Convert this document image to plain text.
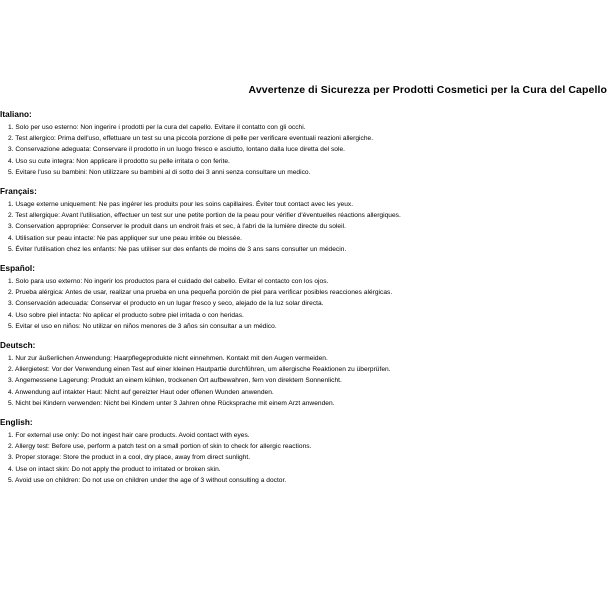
Avvertenze di Sicurezza per Prodotti Cosmetici per la Cura del Capello
Italiano:
1. Solo per uso esterno: Non ingerire i prodotti per la cura del capello. Evitare il contatto con gli occhi.
2. Test allergico: Prima dell'uso, effettuare un test su una piccola porzione di pelle per verificare eventuali reazioni allergiche.
3. Conservazione adeguata: Conservare il prodotto in un luogo fresco e asciutto, lontano dalla luce diretta del sole.
4. Uso su cute integra: Non applicare il prodotto su pelle irritata o con ferite.
5. Evitare l'uso su bambini: Non utilizzare su bambini al di sotto dei 3 anni senza consultare un medico.
Français:
1. Usage externe uniquement: Ne pas ingérer les produits pour les soins capillaires. Éviter tout contact avec les yeux.
2. Test allergique: Avant l'utilisation, effectuer un test sur une petite portion de la peau pour vérifier d'éventuelles réactions allergiques.
3. Conservation appropriée: Conserver le produit dans un endroit frais et sec, à l'abri de la lumière directe du soleil.
4. Utilisation sur peau intacte: Ne pas appliquer sur une peau irritée ou blessée.
5. Éviter l'utilisation chez les enfants: Ne pas utiliser sur des enfants de moins de 3 ans sans consulter un médecin.
Español:
1. Solo para uso externo: No ingerir los productos para el cuidado del cabello. Evitar el contacto con los ojos.
2. Prueba alérgica: Antes de usar, realizar una prueba en una pequeña porción de piel para verificar posibles reacciones alérgicas.
3. Conservación adecuada: Conservar el producto en un lugar fresco y seco, alejado de la luz solar directa.
4. Uso sobre piel intacta: No aplicar el producto sobre piel irritada o con heridas.
5. Evitar el uso en niños: No utilizar en niños menores de 3 años sin consultar a un médico.
Deutsch:
1. Nur zur äußerlichen Anwendung: Haarpflegeprodukte nicht einnehmen. Kontakt mit den Augen vermeiden.
2. Allergietest: Vor der Verwendung einen Test auf einer kleinen Hautpartie durchführen, um allergische Reaktionen zu überprüfen.
3. Angemessene Lagerung: Produkt an einem kühlen, trockenen Ort aufbewahren, fern von direktem Sonnenlicht.
4. Anwendung auf intakter Haut: Nicht auf gereizter Haut oder offenen Wunden anwenden.
5. Nicht bei Kindern verwenden: Nicht bei Kindern unter 3 Jahren ohne Rücksprache mit einem Arzt anwenden.
English:
1. For external use only: Do not ingest hair care products. Avoid contact with eyes.
2. Allergy test: Before use, perform a patch test on a small portion of skin to check for allergic reactions.
3. Proper storage: Store the product in a cool, dry place, away from direct sunlight.
4. Use on intact skin: Do not apply the product to irritated or broken skin.
5. Avoid use on children: Do not use on children under the age of 3 without consulting a doctor.
